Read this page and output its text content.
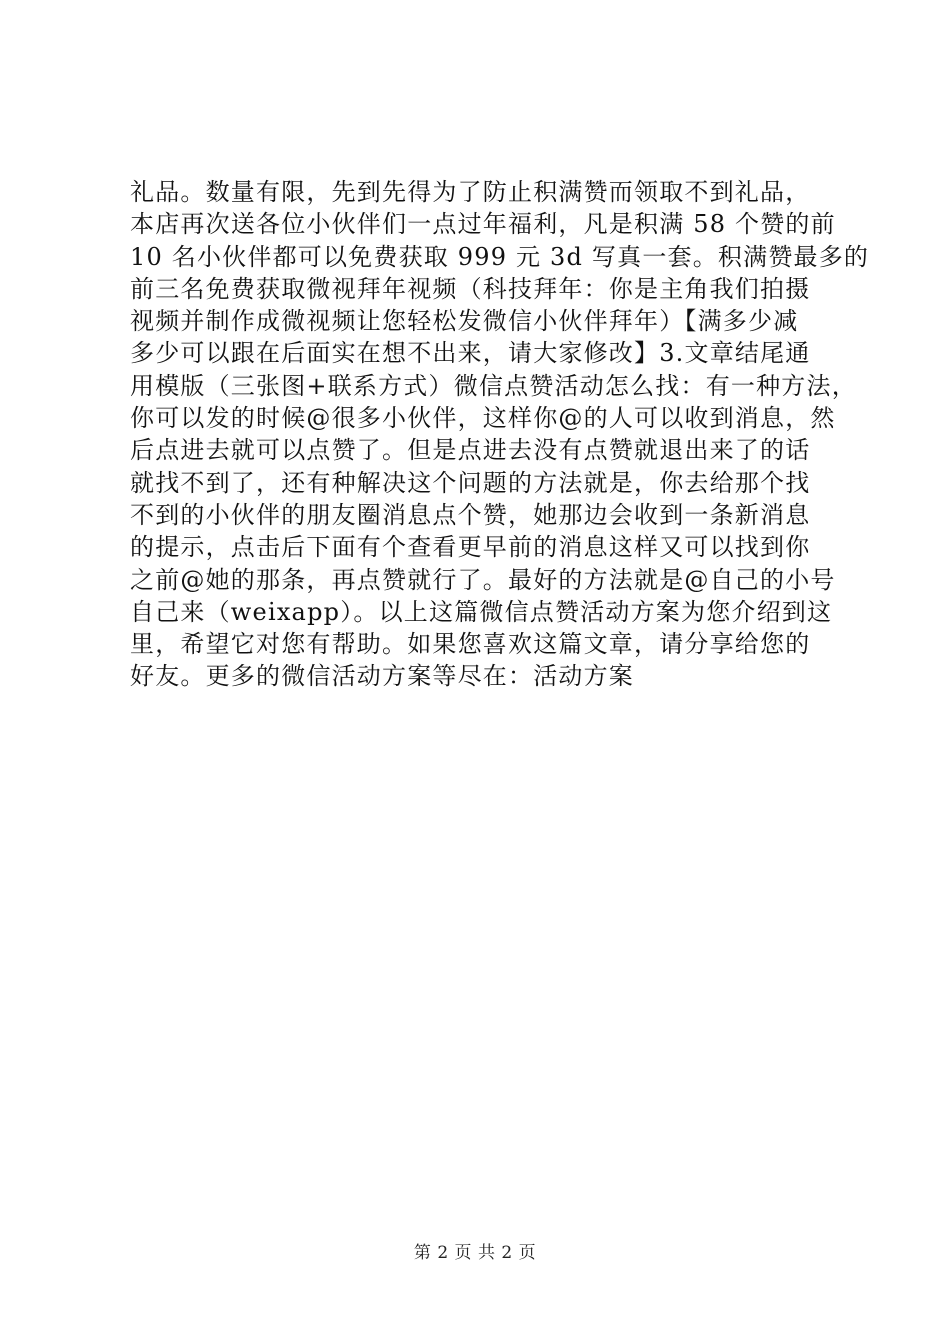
礼品。数量有限，先到先得为了防止积满赞而领取不到礼品，
本店再次送各位小伙伴们一点过年福利，凡是积满 58 个赞的前
10 名小伙伴都可以免费获取 999 元 3d 写真一套。积满赞最多的
前三名免费获取微视拜年视频（科技拜年：你是主角我们拍摄
视频并制作成微视频让您轻松发微信小伙伴拜年）【满多少减
多少可以跟在后面实在想不出来，请大家修改】3.文章结尾通
用模版（三张图+联系方式）微信点赞活动怎么找：有一种方法，
你可以发的时候@很多小伙伴，这样你@的人可以收到消息，然
后点进去就可以点赞了。但是点进去没有点赞就退出来了的话
就找不到了，还有种解决这个问题的方法就是，你去给那个找
不到的小伙伴的朋友圈消息点个赞，她那边会收到一条新消息
的提示，点击后下面有个查看更早前的消息这样又可以找到你
之前@她的那条，再点赞就行了。最好的方法就是@自己的小号
自己来（weixapp）。以上这篇微信点赞活动方案为您介绍到这
里，希望它对您有帮助。如果您喜欢这篇文章，请分享给您的
好友。更多的微信活动方案等尽在：活动方案
第 2 页 共 2 页
